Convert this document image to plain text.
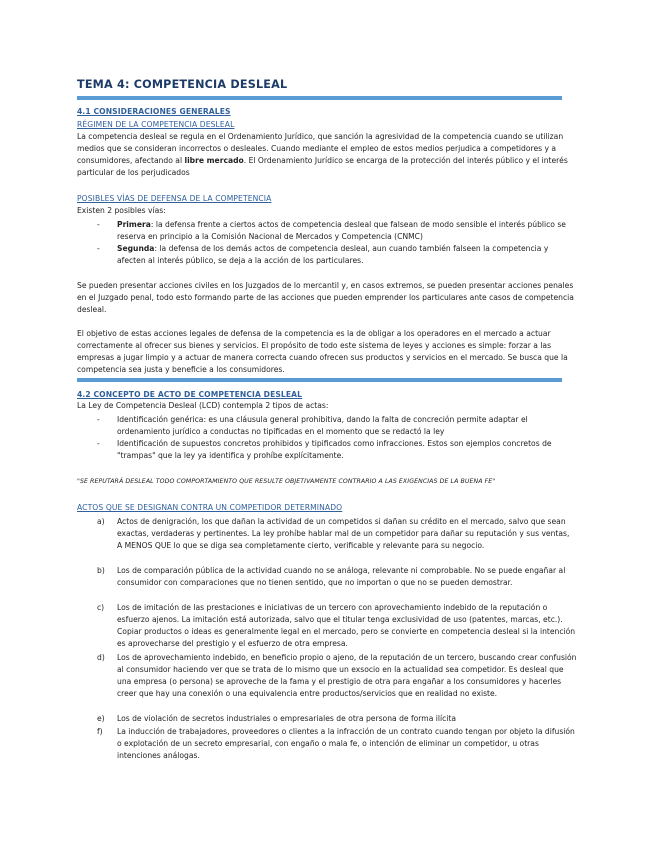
TEMA 4: COMPETENCIA DESLEAL
4.1 CONSIDERACIONES GENERALES
RÉGIMEN DE LA COMPETENCIA DESLEAL

La competencia desleal se regula en el Ordenamiento Jurídico, que sanción la agresividad de la competencia cuando se utilizan medios que se consideran incorrectos o desleales. Cuando mediante el empleo de estos medios perjudica a competidores y a consumidores, afectando al libre mercado. El Ordenamiento Jurídico se encarga de la protección del interés público y el interés particular de los perjudicados

POSIBLES VÍAS DE DEFENSA DE LA COMPETENCIA

Existen 2 posibles vías:

- Primera: la defensa frente a ciertos actos de competencia desleal que falsean de modo sensible el interés público se reserva en principio a la Comisión Nacional de Mercados y Competencia (CNMC)
- Segunda: la defensa de los demás actos de competencia desleal, aun cuando también falseen la competencia y afecten al interés público, se deja a la acción de los particulares.

Se pueden presentar acciones civiles en los Juzgados de lo mercantil y, en casos extremos, se pueden presentar acciones penales en el Juzgado penal, todo esto formando parte de las acciones que pueden emprender los particulares ante casos de competencia desleal.

El objetivo de estas acciones legales de defensa de la competencia es la de obligar a los operadores en el mercado a actuar correctamente al ofrecer sus bienes y servicios. El propósito de todo este sistema de leyes y acciones es simple: forzar a las empresas a jugar limpio y a actuar de manera correcta cuando ofrecen sus productos y servicios en el mercado. Se busca que la competencia sea justa y beneficie a los consumidores.

4.2 CONCEPTO DE ACTO DE COMPETENCIA DESLEAL

La Ley de Competencia Desleal (LCD) contempla 2 tipos de actas:

- Identificación genérica: es una cláusula general prohibitiva, dando la falta de concreción permite adaptar el ordenamiento jurídico a conductas no tipificadas en el momento que se redactó la ley
- Identificación de supuestos concretos prohibidos y tipificados como infracciones. Estos son ejemplos concretos de "trampas" que la ley ya identifica y prohíbe explícitamente.
"SE REPUTARÁ DESLEAL TODO COMPORTAMIENTO QUE RESULTE OBJETIVAMENTE CONTRARIO A LAS EXIGENCIAS DE LA BUENA FE"
ACTOS QUE SE DESIGNAN CONTRA UN COMPETIDOR DETERMINADO
a) Actos de denigración, los que dañan la actividad de un competidos si dañan su crédito en el mercado, salvo que sean exactas, verdaderas y pertinentes. La ley prohíbe hablar mal de un competidor para dañar su reputación y sus ventas, A MENOS QUE lo que se diga sea completamente cierto, verificable y relevante para su negocio.
b) Los de comparación pública de la actividad cuando no se análoga, relevante ni comprobable. No se puede engañar al consumidor con comparaciones que no tienen sentido, que no importan o que no se pueden demostrar.
c) Los de imitación de las prestaciones e iniciativas de un tercero con aprovechamiento indebido de la reputación o esfuerzo ajenos. La imitación está autorizada, salvo que el titular tenga exclusividad de uso (patentes, marcas, etc.). Copiar productos o ideas es generalmente legal en el mercado, pero se convierte en competencia desleal si la intención es aprovecharse del prestigio y el esfuerzo de otra empresa.
d) Los de aprovechamiento indebido, en beneficio propio o ajeno, de la reputación de un tercero, buscando crear confusión al consumidor haciendo ver que se trata de lo mismo que un exsocio en la actualidad sea competidor. Es desleal que una empresa (o persona) se aproveche de la fama y el prestigio de otra para engañar a los consumidores y hacerles creer que hay una conexión o una equivalencia entre productos/servicios que en realidad no existe.
e) Los de violación de secretos industriales o empresariales de otra persona de forma ilícita
f) La inducción de trabajadores, proveedores o clientes a la infracción de un contrato cuando tengan por objeto la difusión o explotación de un secreto empresarial, con engaño o mala fe, o intención de eliminar un competidor, u otras intenciones análogas.
